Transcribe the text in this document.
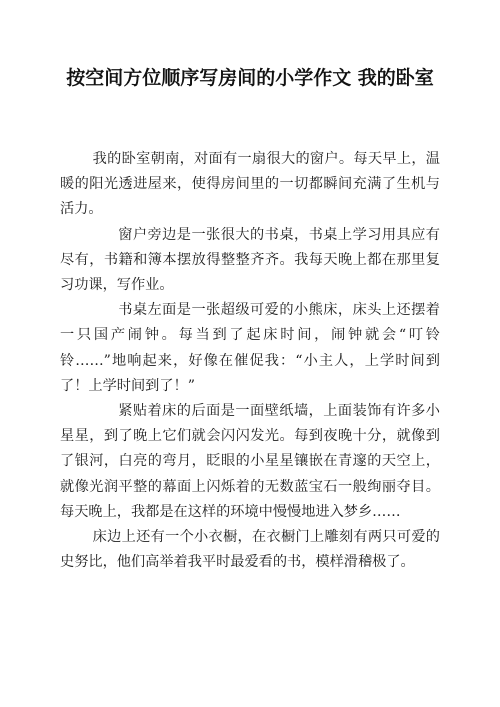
按空间方位顺序写房间的小学作文 我的卧室

我的卧室朝南，对面有一扇很大的窗户。每天早上，温暖的阳光透进屋来，使得房间里的一切都瞬间充满了生机与活力。

窗户旁边是一张很大的书桌，书桌上学习用具应有尽有，书籍和簿本摆放得整整齐齐。我每天晚上都在那里复习功课，写作业。

书桌左面是一张超级可爱的小熊床，床头上还摆着一只国产闹钟。每当到了起床时间，闹钟就会“叮铃铃……”地响起来，好像在催促我：“小主人，上学时间到了！上学时间到了！”

紧贴着床的后面是一面壁纸墙，上面装饰有许多小星星，到了晚上它们就会闪闪发光。每到夜晚十分，就像到了银河，白亮的弯月，眨眼的小星星镶嵌在青邃的天空上，就像光润平整的幕面上闪烁着的无数蓝宝石一般绚丽夺目。每天晚上，我都是在这样的环境中慢慢地进入梦乡……

床边上还有一个小衣橱，在衣橱门上雕刻有两只可爱的史努比，他们高举着我平时最爱看的书，模样滑稽极了。
